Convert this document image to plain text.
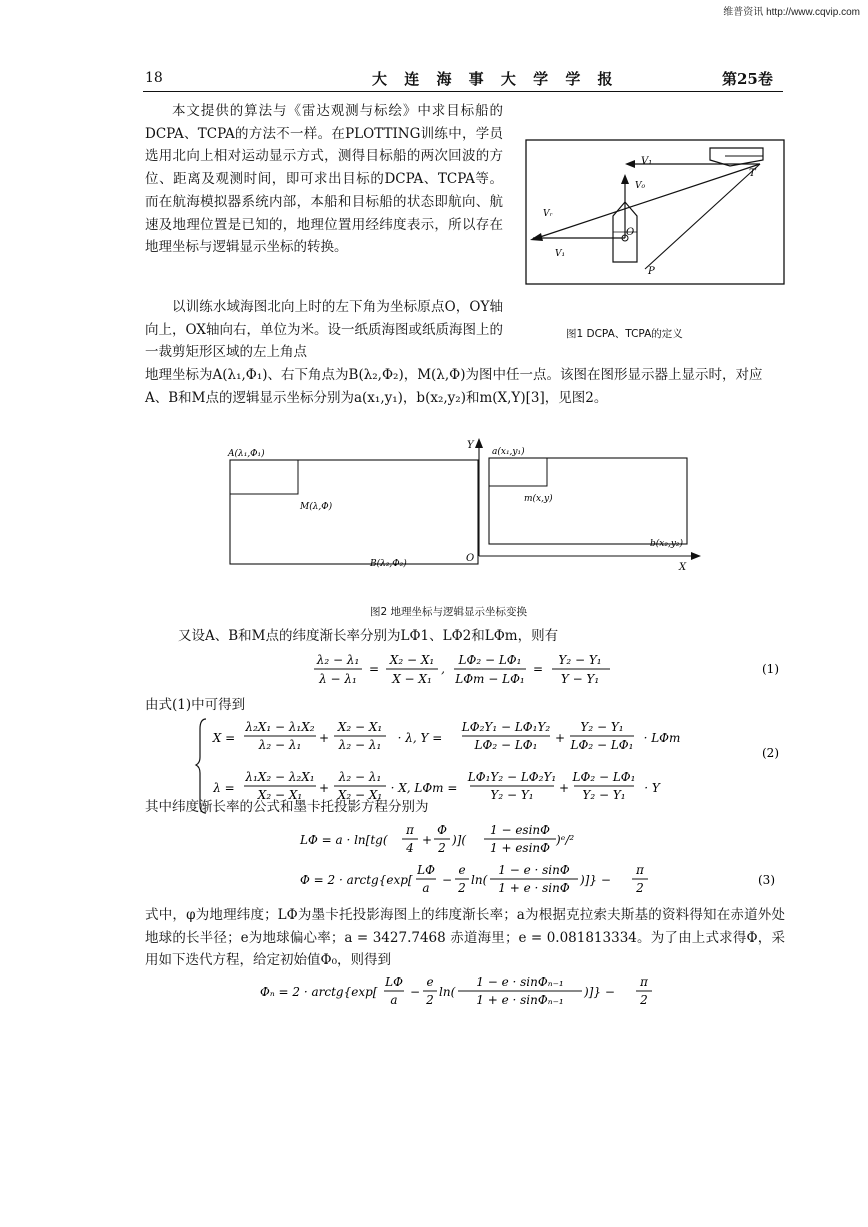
维普资讯 http://www.cqvip.com
18	大 连 海 事 大 学 学 报	第25卷
本文提供的算法与《雷达观测与标绘》中求目标船的DCPA、TCPA的方法不一样。在PLOTTING训练中，学员选用北向上相对运动显示方式，测得目标船的两次回波的方位、距离及观测时间，即可求出目标的DCPA、TCPA等。而在航海模拟器系统内部，本船和目标船的状态即航向、航速及地理位置是已知的，地理位置用经纬度表示，所以存在地理坐标与逻辑显示坐标的转换。
以训练水域海图北向上时的左下角为坐标原点O，OY轴向上，OX轴向右，单位为米。设一纸质海图或纸质海图上的一裁剪矩形区域的左上角点
地理坐标为A(λ₁,Φ₁)、右下角点为B(λ₂,Φ₂)，M(λ,Φ)为图中任一点。该图在图形显示器上显示时，对应A、B和M点的逻辑显示坐标分别为a(x₁,y₁)，b(x₂,y₂)和m(X,Y)[3]，见图2。
V₁
V₀
T
Vᵣ
O
V₁
P
图1 DCPA、TCPA的定义
A(λ₁,Φ₁)
M(λ,Φ)
B(λ₂,Φ₂)
Y
a(x₁,y₁)
m(x,y)
b(x₂,y₂)
O
X
图2 地理坐标与逻辑显示坐标变换
又设A、B和M点的纬度渐长率分别为LΦ1、LΦ2和LΦm，则有
λ₂ − λ₁
λ − λ₁
=
X₂ − X₁
X − X₁
,
LΦ₂ − LΦ₁
LΦm − LΦ₁
=
Y₂ − Y₁
Y − Y₁
X =
λ₂X₁ − λ₁X₂
λ₂ − λ₁ +
X₂ − X₁
λ₂ − λ₁ · λ, Y =
LΦ₂Y₁ − LΦ₁Y₂
LΦ₂ − LΦ₁ +
Y₂ − Y₁
LΦ₂ − LΦ₁ · LΦm
λ =
λ₁X₂ − λ₂X₁
X₂ − X₁ +
λ₂ − λ₁
X₂ − X₁ · X, LΦm =
LΦ₁Y₂ − LΦ₂Y₁
Y₂ − Y₁ +
LΦ₂ − LΦ₁
Y₂ − Y₁ · Y
(1)
(2)
由式(1)中可得到
其中纬度渐长率的公式和墨卡托投影方程分别为
LΦ = a · ln[tg(
π
4
+
Φ
2
)](
1 − esinΦ
1 + esinΦ
)ᵉ/²
Φ = 2 · arctg{exp[
LΦ
a
−
e
2
ln(
1 − e · sinΦ
1 + e · sinΦ
)]} −
π
2
(3)
式中，φ为地理纬度；LΦ为墨卡托投影海图上的纬度渐长率；a为根据克拉索夫斯基的资料得知在赤道外处地球的长半径；e为地球偏心率；a = 3427.7468 赤道海里；e = 0.081813334。为了由上式求得Φ，采用如下迭代方程，给定初始值Φ₀，则得到
Φₙ = 2 · arctg{exp[
LΦ
a
−
e
2
ln(
1 − e · sinΦₙ₋₁
1 + e · sinΦₙ₋₁
)]} −
π
2
